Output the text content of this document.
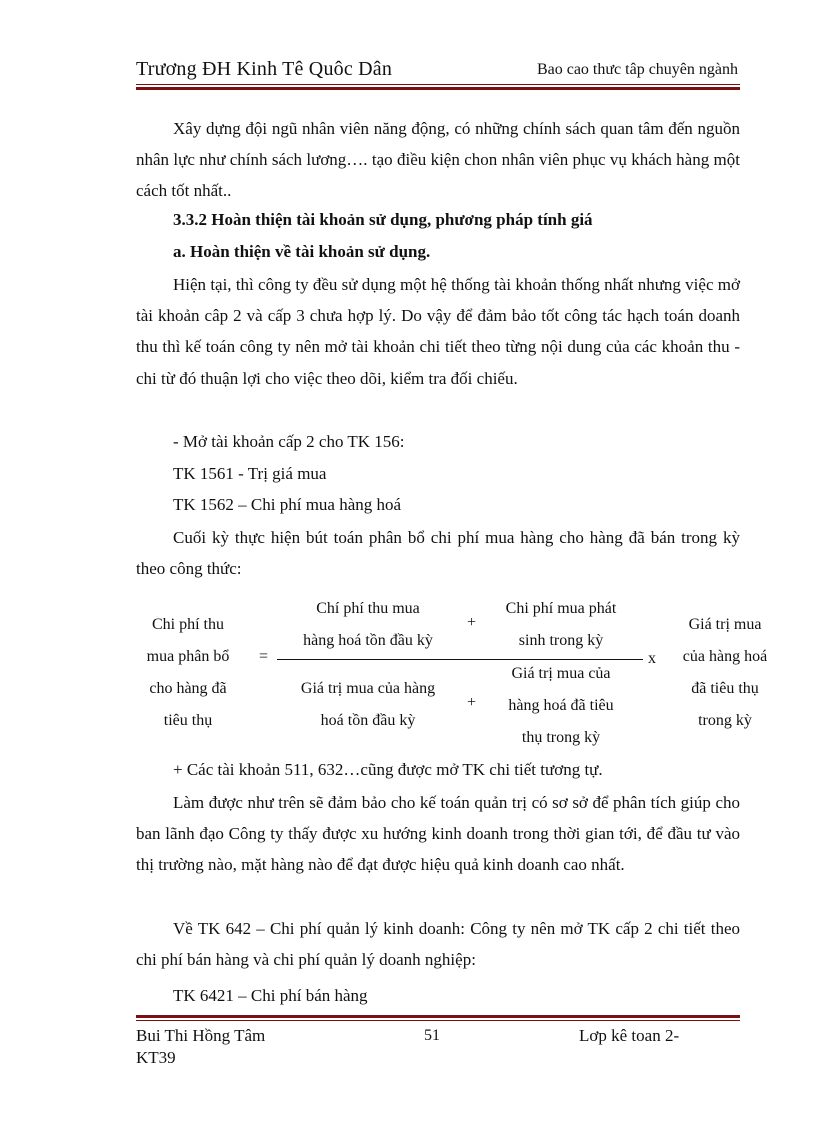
Trương ĐH Kinh Tê Quôc Dân	Bao cao thưc tâp chuyên ngành

Xây dựng đội ngũ nhân viên năng động, có những chính sách quan tâm đến nguồn nhân lực như chính sách lương…. tạo điều kiện chon nhân viên phục vụ khách hàng một cách tốt nhất..

3.3.2 Hoàn thiện tài khoản sử dụng, phương pháp tính giá
a. Hoàn thiện về tài khoản sử dụng.

Hiện tại, thì công ty đều sử dụng một hệ thống tài khoản thống nhất nhưng việc mở tài khoản câp 2 và cấp 3 chưa hợp lý. Do vậy để đảm bảo tốt công tác hạch toán doanh thu thì kế toán công ty nên mở tài khoản chi tiết theo từng nội dung của các khoản thu - chi từ đó thuận lợi cho việc theo dõi, kiểm tra đối chiếu.

- Mở tài khoản cấp 2 cho TK 156:
TK 1561 - Trị giá mua
TK 1562 – Chi phí mua hàng hoá

Cuối kỳ thực hiện bút toán phân bổ chi phí mua hàng cho hàng đã bán trong kỳ theo công thức:

Chi phí thu
mua phân bổ
cho hàng đã
tiêu thụ
=
Chí phí thu mua
hàng hoá tồn đầu kỳ
+
Chi phí mua phát
sinh trong kỳ
x
Giá trị mua của hàng
hoá tồn đầu kỳ
+
Giá trị mua của
hàng hoá đã tiêu
thụ trong kỳ
Giá trị mua
của hàng hoá
đã tiêu thụ
trong kỳ
+ Các tài khoản 511, 632…cũng được mở TK chi tiết tương tự.

Làm được như trên sẽ đảm bảo cho kế toán quản trị có sơ sở để phân tích giúp cho ban lãnh đạo Công ty thấy được xu hướng kinh doanh trong thời gian tới, để đầu tư vào thị trường nào, mặt hàng nào để đạt được hiệu quả kinh doanh cao nhất.

Về TK 642 – Chi phí quản lý kinh doanh: Công ty nên mở TK cấp 2 chi tiết theo chi phí bán hàng và chi phí quản lý doanh nghiệp:

TK 6421 – Chi phí bán hàng
Bui Thi Hồng Tâm
KT39
51	Lơp kê toan 2-
